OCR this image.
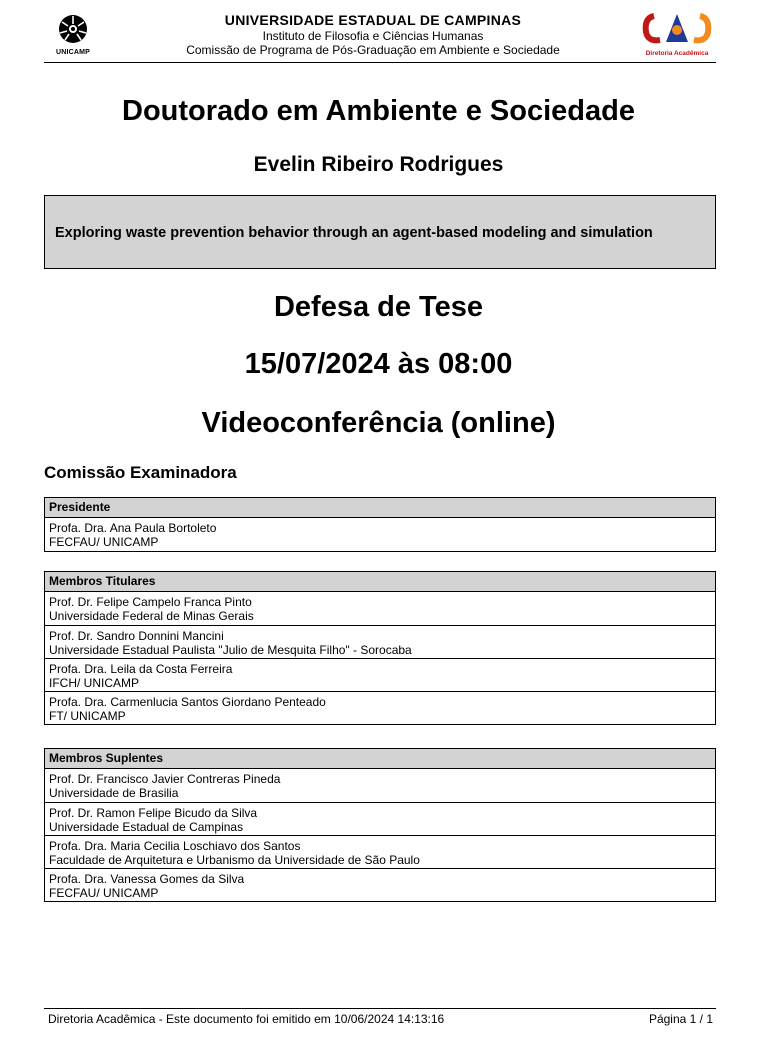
UNICAMP
UNIVERSIDADE ESTADUAL DE CAMPINAS
Instituto de Filosofia e Ciências Humanas
Comissão de Programa de Pós-Graduação em Ambiente e Sociedade	Diretoria Acadêmica
Doutorado em Ambiente e Sociedade
Evelin Ribeiro Rodrigues
Exploring waste prevention behavior through an agent-based modeling and simulation
Defesa de Tese
15/07/2024 às 08:00
Videoconferência (online)
Comissão Examinadora
Presidente
Profa. Dra. Ana Paula Bortoleto
FECFAU/ UNICAMP
Membros Titulares
Prof. Dr. Felipe Campelo Franca Pinto
Universidade Federal de Minas Gerais
Prof. Dr. Sandro Donnini Mancini
Universidade Estadual Paulista "Julio de Mesquita Filho" - Sorocaba
Profa. Dra. Leila da Costa Ferreira
IFCH/ UNICAMP
Profa. Dra. Carmenlucia Santos Giordano Penteado
FT/ UNICAMP
Membros Suplentes
Prof. Dr. Francisco Javier Contreras Pineda
Universidade de Brasilia
Prof. Dr. Ramon Felipe Bicudo da Silva
Universidade Estadual de Campinas
Profa. Dra. Maria Cecilia Loschiavo dos Santos
Faculdade de Arquitetura e Urbanismo da Universidade de São Paulo
Profa. Dra. Vanessa Gomes da Silva
FECFAU/ UNICAMP
Diretoria Acadêmica - Este documento foi emitido em 10/06/2024 14:13:16	Página 1 / 1
